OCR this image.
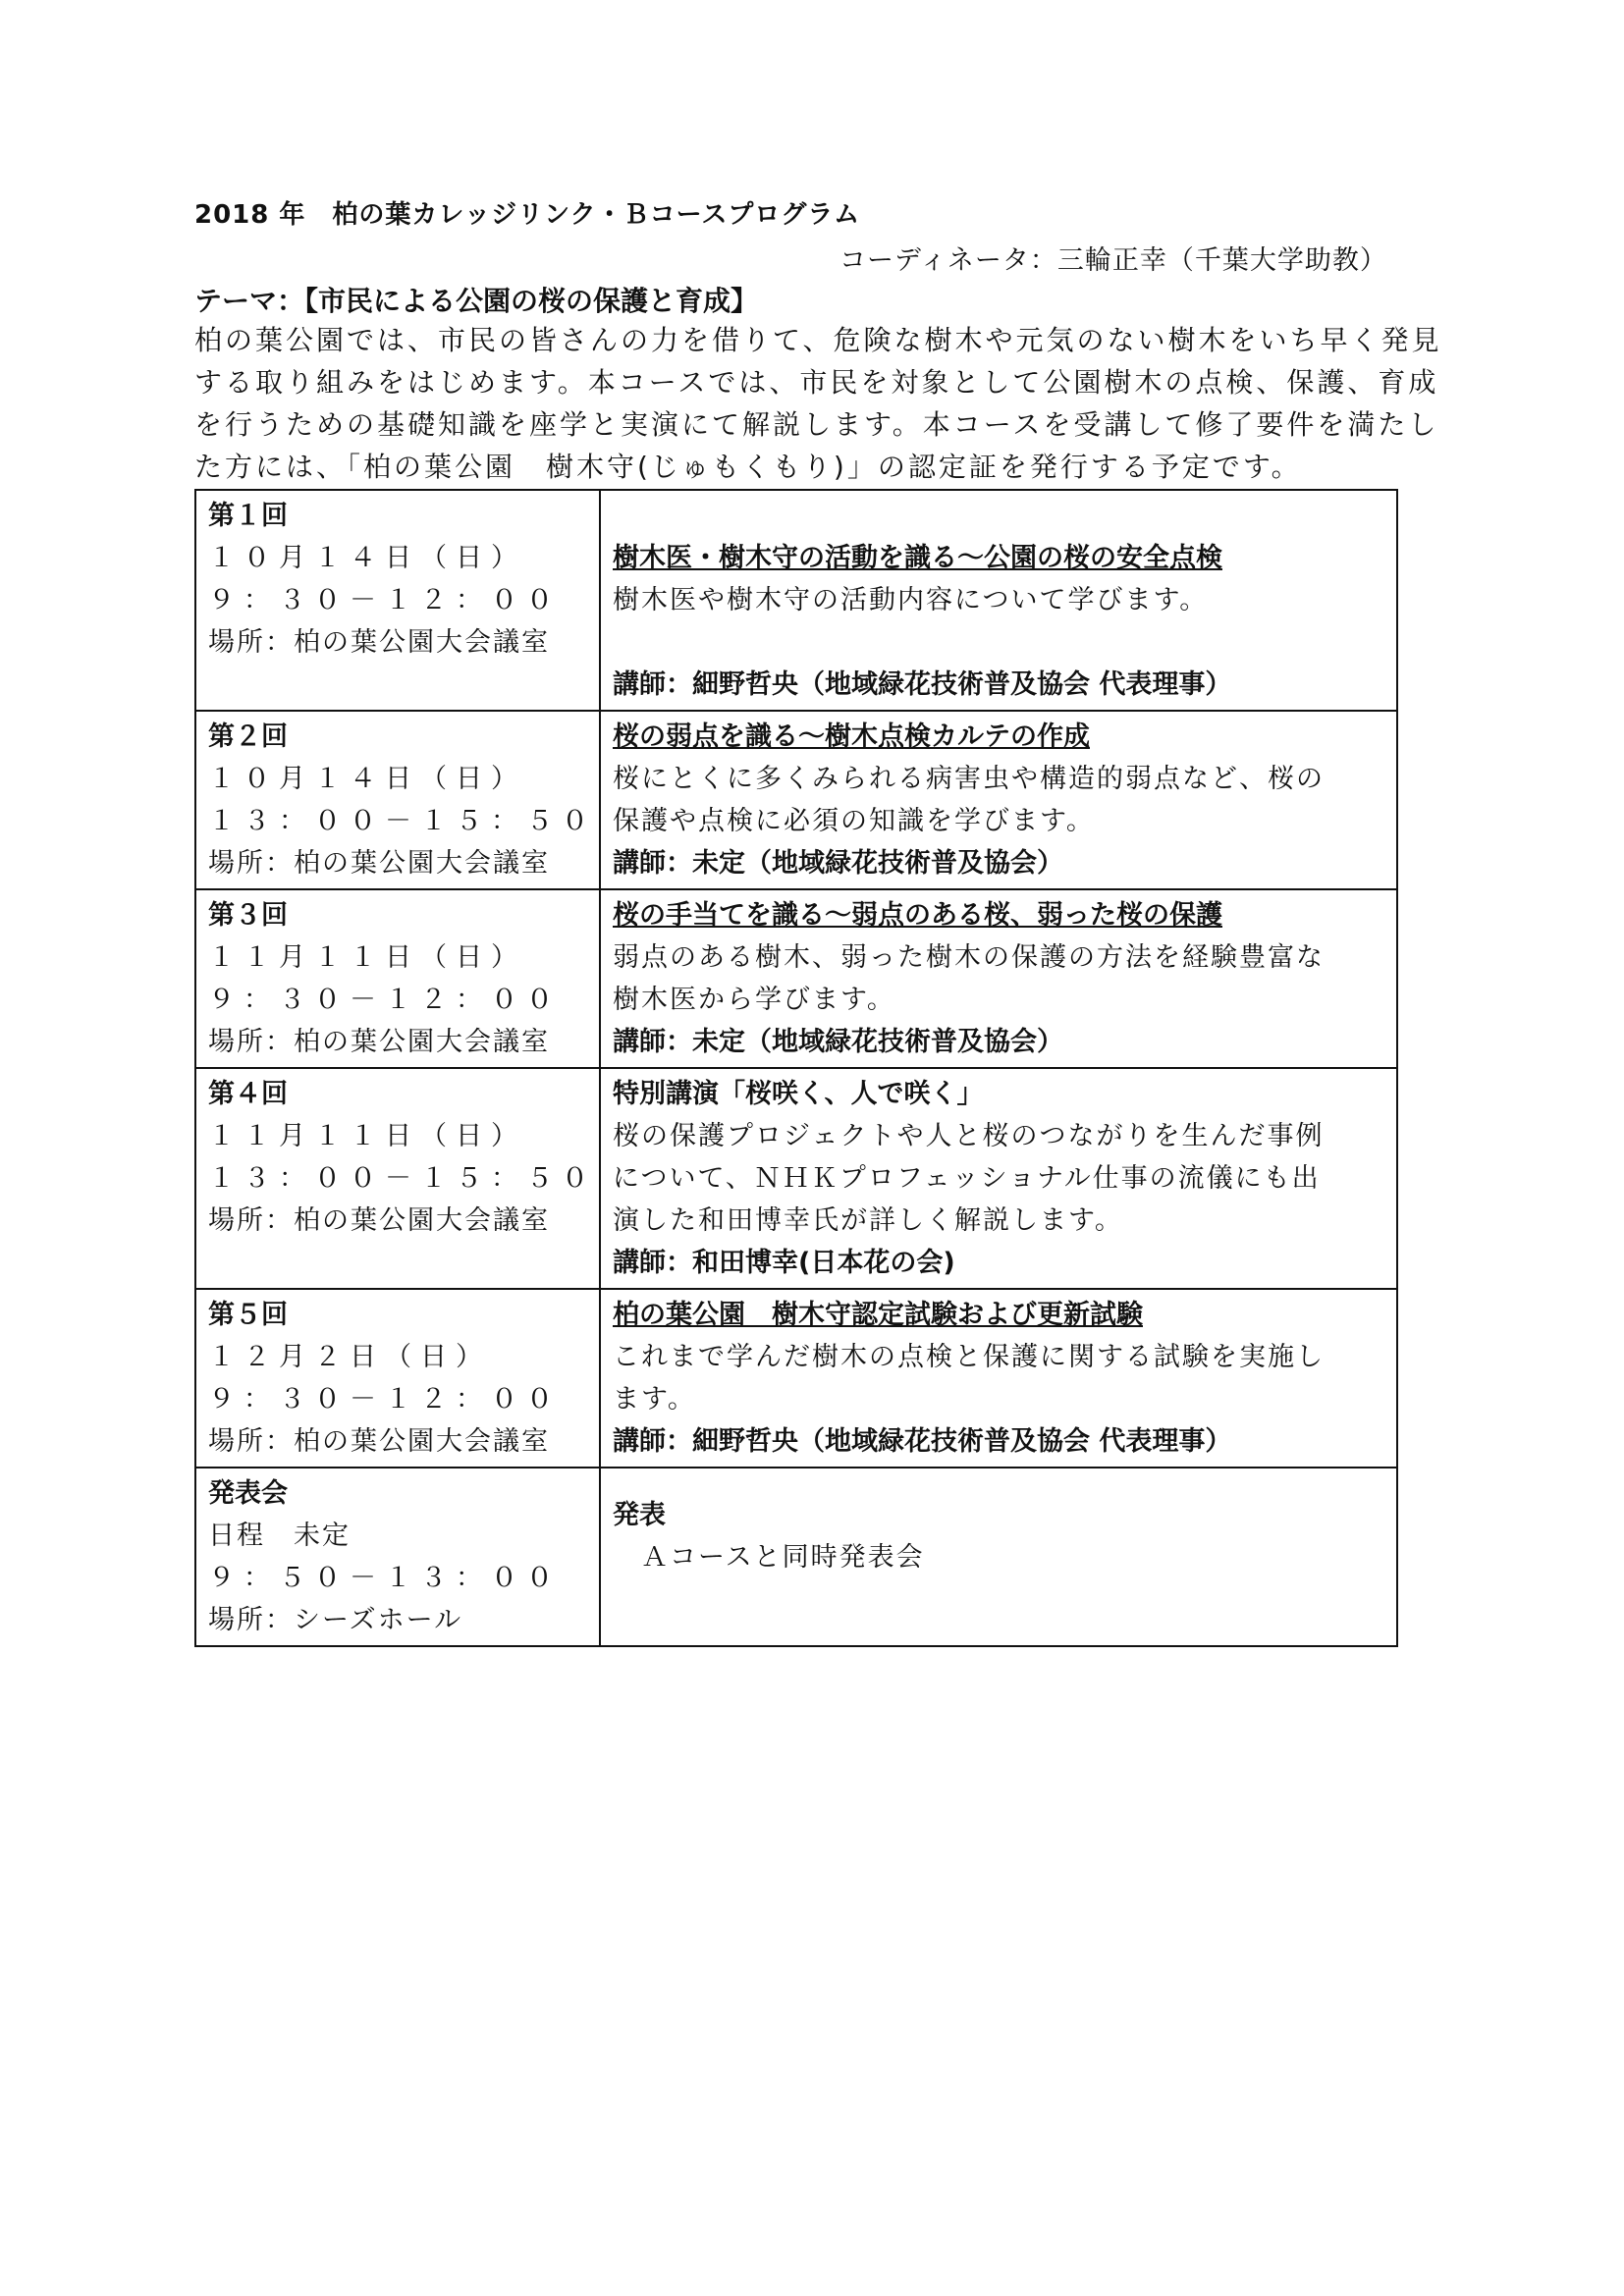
2018 年　柏の葉カレッジリンク・Ｂコースプログラム
コーディネータ：三輪正幸（千葉大学助教）
テーマ：【市民による公園の桜の保護と育成】

柏の葉公園では、市民の皆さんの力を借りて、危険な樹木や元気のない樹木をいち早く発見

する取り組みをはじめます。本コースでは、市民を対象として公園樹木の点検、保護、育成

を行うための基礎知識を座学と実演にて解説します。本コースを受講して修了要件を満たし

た方には、「柏の葉公園　樹木守(じゅもくもり)」の認定証を発行する予定です。

第１回
１０月１４日（日）
９：３０－１２：００
場所：柏の葉公園大会議室	樹木医・樹木守の活動を識る～公園の桜の安全点検
樹木医や樹木守の活動内容について学びます。
講師：細野哲央（地域緑花技術普及協会 代表理事）

第２回
１０月１４日（日）
１３：００－１５：５０
場所：柏の葉公園大会議室	桜の弱点を識る～樹木点検カルテの作成
桜にとくに多くみられる病害虫や構造的弱点など、桜の
保護や点検に必須の知識を学びます。
講師：未定（地域緑花技術普及協会）

第３回
１１月１１日（日）
９：３０－１２：００
場所：柏の葉公園大会議室	桜の手当てを識る～弱点のある桜、弱った桜の保護
弱点のある樹木、弱った樹木の保護の方法を経験豊富な
樹木医から学びます。
講師：未定（地域緑花技術普及協会）

第４回
１１月１１日（日）
１３：００－１５：５０
場所：柏の葉公園大会議室	特別講演「桜咲く、人で咲く」
桜の保護プロジェクトや人と桜のつながりを生んだ事例
について、ＮＨＫプロフェッショナル仕事の流儀にも出
演した和田博幸氏が詳しく解説します。
講師：和田博幸(日本花の会)

第５回
１２月２日（日）
９：３０－１２：００
場所：柏の葉公園大会議室	柏の葉公園　樹木守認定試験および更新試験
これまで学んだ樹木の点検と保護に関する試験を実施し
ます。
講師：細野哲央（地域緑花技術普及協会 代表理事）

発表会
日程　未定
９：５０－１３：００
場所：シーズホール	発表
　Ａコースと同時発表会
